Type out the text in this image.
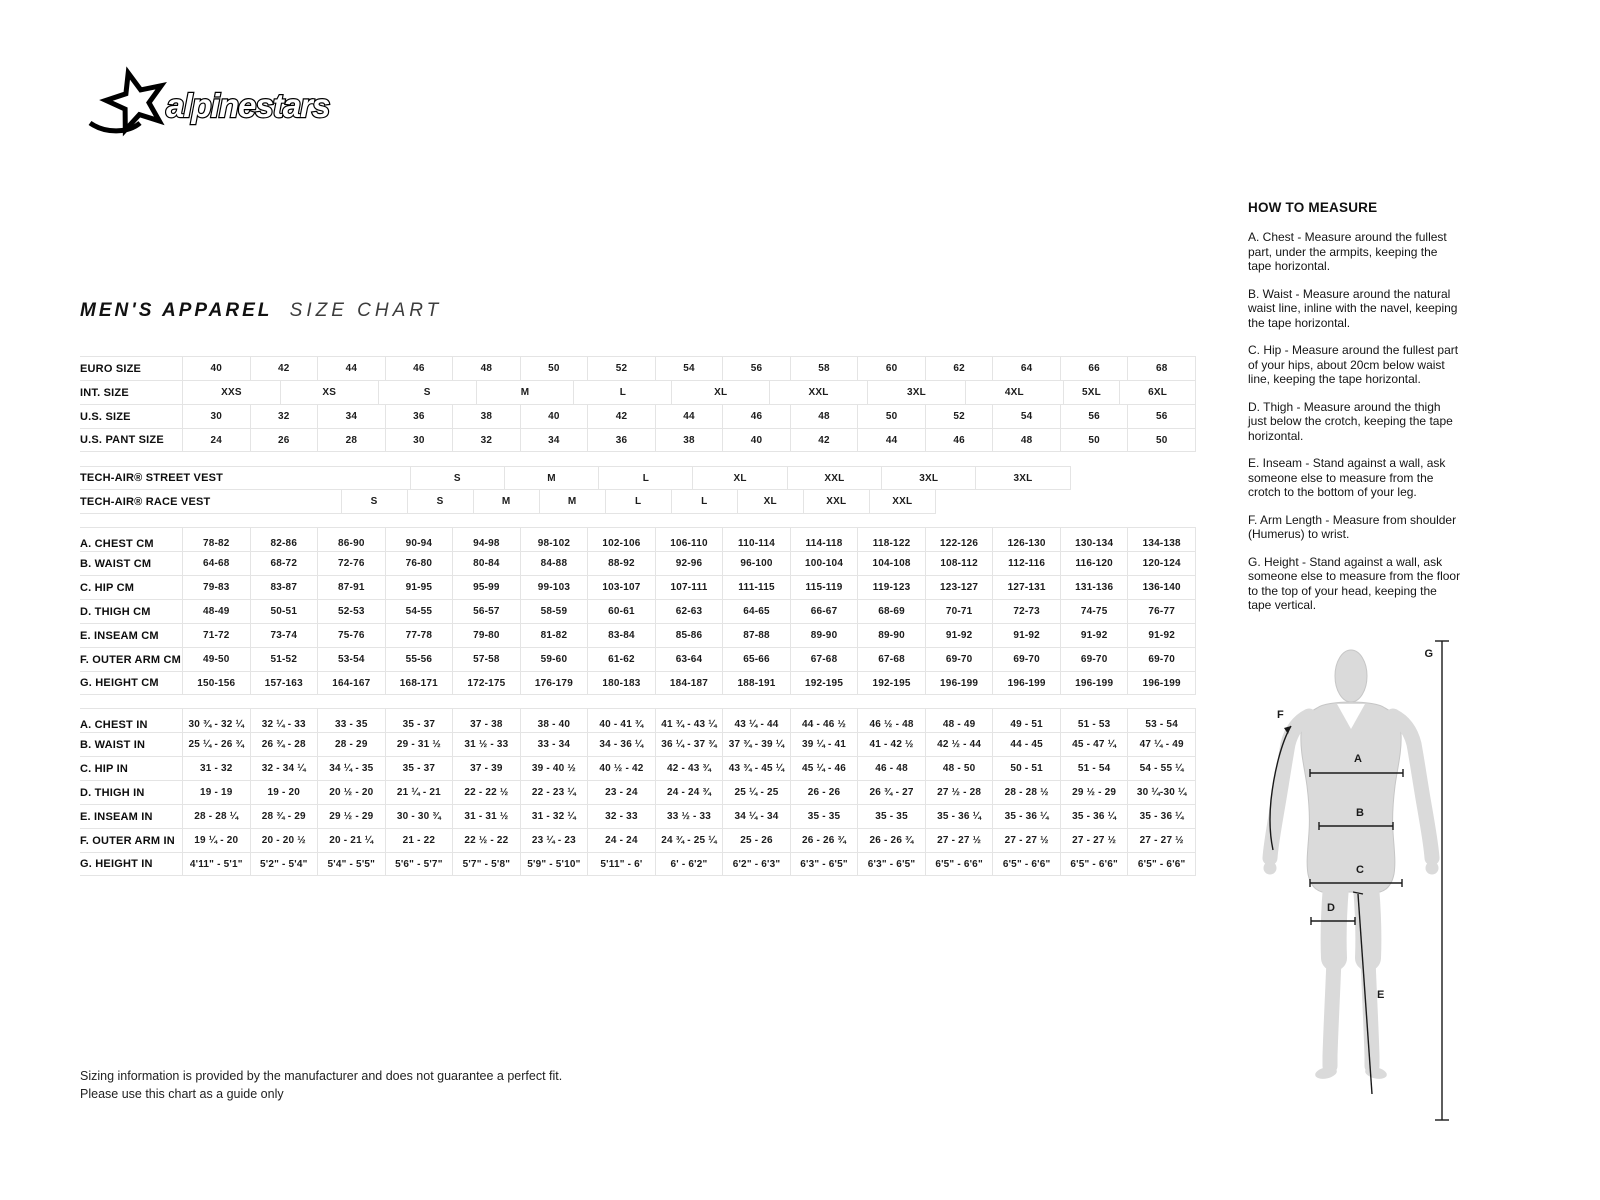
alpinestars
MEN'S APPAREL SIZE CHART
EURO SIZE	40	42	44	46	48	50	52	54	56	58	60	62	64	66	68
INT. SIZE	XXS	XS	S	M	L	XL	XXL	3XL	4XL	5XL	6XL
U.S. SIZE	30	32	34	36	38	40	42	44	46	48	50	52	54	56	56
U.S. PANT SIZE	24	26	28	30	32	34	36	38	40	42	44	46	48	50	50
TECH-AIR® STREET VEST	S	M	L	XL	XXL	3XL	3XL
TECH-AIR® RACE VEST	S	S	M	M	L	L	XL	XXL	XXL
A. CHEST CM	78-82	82-86	86-90	90-94	94-98	98-102	102-106	106-110	110-114	114-118	118-122	122-126	126-130	130-134	134-138
B. WAIST CM	64-68	68-72	72-76	76-80	80-84	84-88	88-92	92-96	96-100	100-104	104-108	108-112	112-116	116-120	120-124
C. HIP CM	79-83	83-87	87-91	91-95	95-99	99-103	103-107	107-111	111-115	115-119	119-123	123-127	127-131	131-136	136-140
D. THIGH CM	48-49	50-51	52-53	54-55	56-57	58-59	60-61	62-63	64-65	66-67	68-69	70-71	72-73	74-75	76-77
E. INSEAM CM	71-72	73-74	75-76	77-78	79-80	81-82	83-84	85-86	87-88	89-90	89-90	91-92	91-92	91-92	91-92
F. OUTER ARM CM	49-50	51-52	53-54	55-56	57-58	59-60	61-62	63-64	65-66	67-68	67-68	69-70	69-70	69-70	69-70
G. HEIGHT CM	150-156	157-163	164-167	168-171	172-175	176-179	180-183	184-187	188-191	192-195	192-195	196-199	196-199	196-199	196-199
A. CHEST IN	30 ¾ - 32 ¼	32 ¼ - 33	33 - 35	35 - 37	37 - 38	38 - 40	40 - 41 ¾	41 ¾ - 43 ¼	43 ¼ - 44	44 - 46 ½	46 ½ - 48	48 - 49	49 - 51	51 - 53	53 - 54
B. WAIST IN	25 ¼ - 26 ¾	26 ¾ - 28	28 - 29	29 - 31 ½	31 ½ - 33	33 - 34	34 - 36 ¼	36 ¼ - 37 ¾	37 ¾ - 39 ¼	39 ¼ - 41	41 - 42 ½	42 ½ - 44	44 - 45	45 - 47 ¼	47 ¼ - 49
C. HIP IN	31 - 32	32 - 34 ¼	34 ¼ - 35	35 - 37	37 - 39	39 - 40 ½	40 ½ - 42	42 - 43 ¾	43 ¾ - 45 ¼	45 ¼ - 46	46 - 48	48 - 50	50 - 51	51 - 54	54 - 55 ¼
D. THIGH IN	19 - 19	19 - 20	20 ½ - 20	21 ¼ - 21	22 - 22 ½	22 - 23 ¼	23 - 24	24 - 24 ¾	25 ¼ - 25	26 - 26	26 ¾ - 27	27 ½ - 28	28 - 28 ½	29 ½ - 29	30 ¼-30 ¼
E. INSEAM IN	28 - 28 ¼	28 ¾ - 29	29 ½ - 29	30 - 30 ¾	31 - 31 ½	31 - 32 ¼	32 - 33	33 ½ - 33	34 ¼ - 34	35 - 35	35 - 35	35 - 36 ¼	35 - 36 ¼	35 - 36 ¼	35 - 36 ¼
F. OUTER ARM IN	19 ¼ - 20	20 - 20 ½	20 - 21 ¼	21 - 22	22 ½ - 22	23 ¼ - 23	24 - 24	24 ¾ - 25 ¼	25 - 26	26 - 26 ¾	26 - 26 ¾	27 - 27 ½	27 - 27 ½	27 - 27 ½	27 - 27 ½
G. HEIGHT IN	4'11" - 5'1"	5'2" - 5'4"	5'4" - 5'5"	5'6" - 5'7"	5'7" - 5'8"	5'9" - 5'10"	5'11" - 6'	6' - 6'2"	6'2" - 6'3"	6'3" - 6'5"	6'3" - 6'5"	6'5" - 6'6"	6'5" - 6'6"	6'5" - 6'6"	6'5" - 6'6"
HOW TO MEASURE

A. Chest - Measure around the fullest part, under the armpits, keeping the tape horizontal.

B. Waist - Measure around the natural waist line, inline with the navel, keeping the tape horizontal.

C. Hip - Measure around the fullest part of your hips, about 20cm below waist line, keeping the tape horizontal.

D. Thigh - Measure around the thigh just below the crotch, keeping the tape horizontal.

E. Inseam - Stand against a wall, ask someone else to measure from the crotch to the bottom of your leg.

F. Arm Length - Measure from shoulder (Humerus) to wrist.

G. Height - Stand against a wall, ask someone else to measure from the floor to the top of your head, keeping the tape vertical.

A
B
C
D
E
F
G
Sizing information is provided by the manufacturer and does not guarantee a perfect fit.
Please use this chart as a guide only
